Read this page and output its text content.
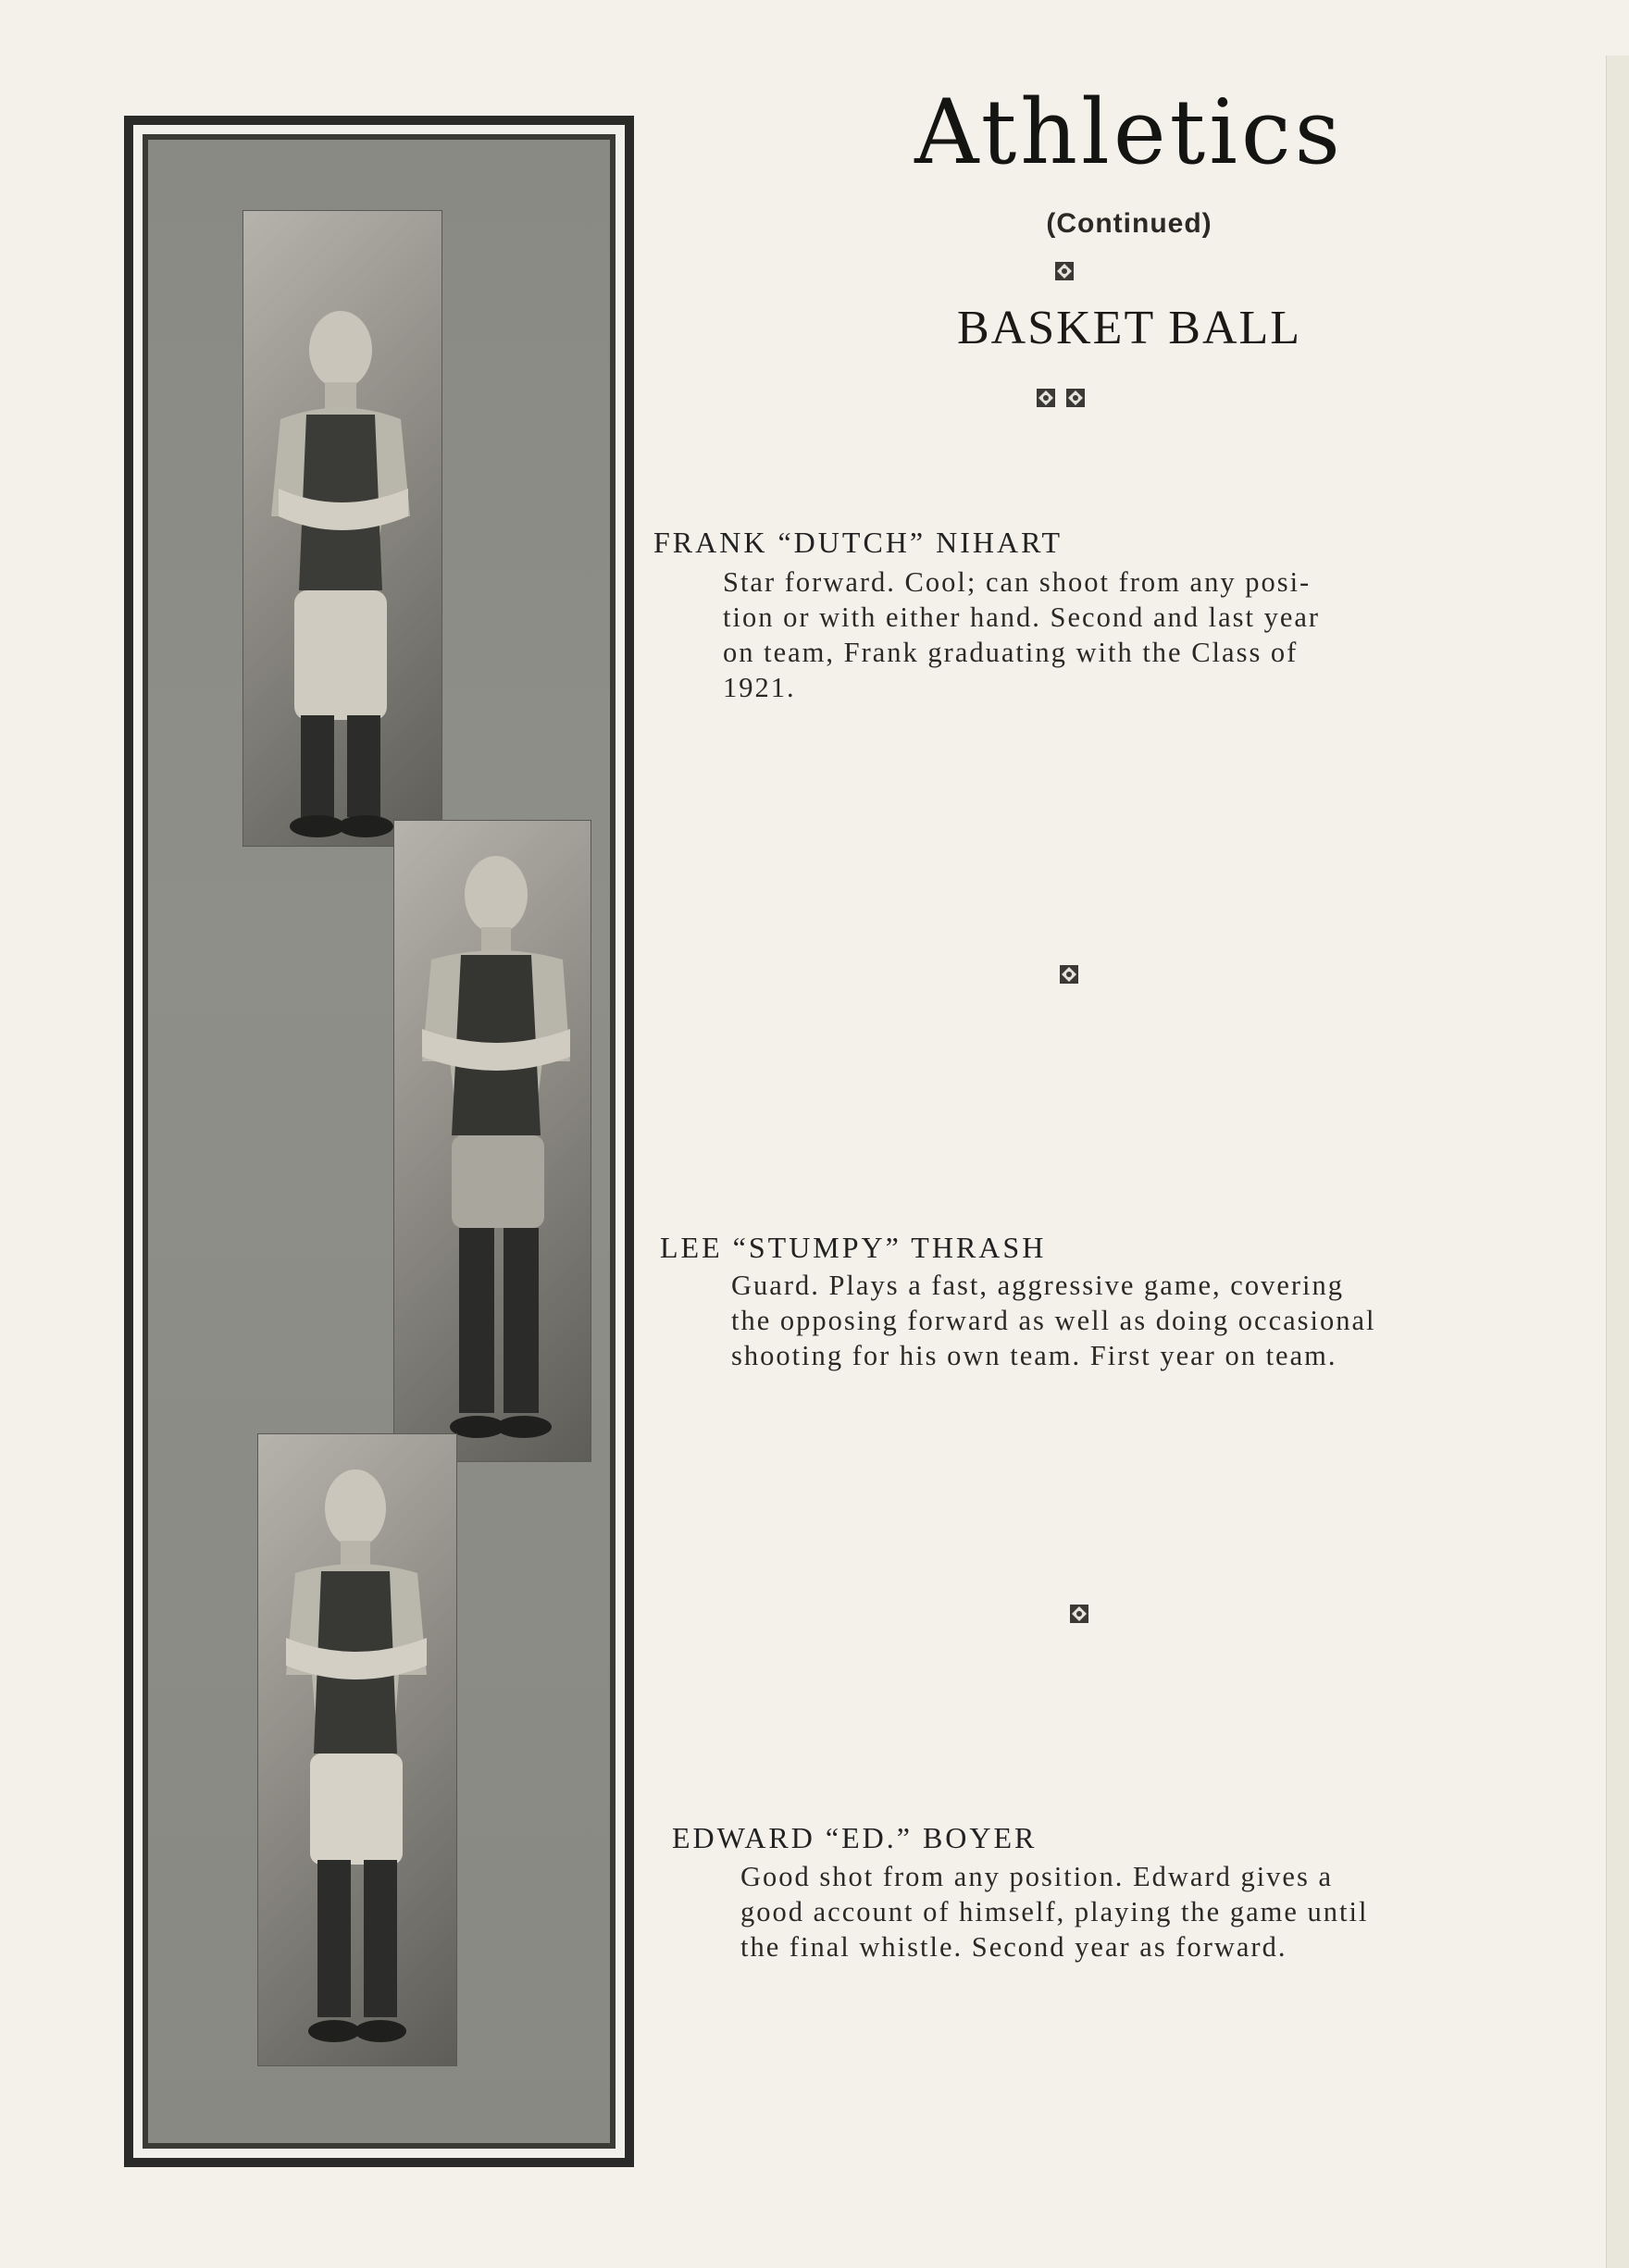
Athletics

(Continued)

BASKET BALL

FRANK “DUTCH” NIHART

Star forward. Cool; can shoot from any posi-
tion or with either hand. Second and last year
on team, Frank graduating with the Class of
1921.

LEE “STUMPY” THRASH

Guard. Plays a fast, aggressive game, covering
the opposing forward as well as doing occasional
shooting for his own team. First year on team.

EDWARD “ED.” BOYER

Good shot from any position. Edward gives a
good account of himself, playing the game until
the final whistle. Second year as forward.
